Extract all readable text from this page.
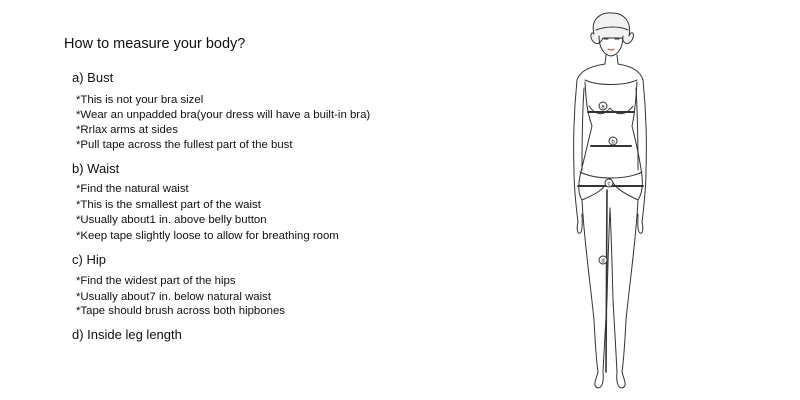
How to measure your body?
a) Bust
*This is not your bra sizel
*Wear an unpadded bra(your dress will have a built-in bra)
*Rrlax arms at sides
*Pull tape across the fullest part of the bust
b) Waist
*Find the natural waist
*This is the smallest part of the waist
*Usually about1 in. above belly button
*Keep tape slightly loose to allow for breathing room
c) Hip
*Find the widest part of the hips
*Usually about7 in. below natural waist
*Tape should brush across both hipbones
d) Inside leg length
a
b
c
d
